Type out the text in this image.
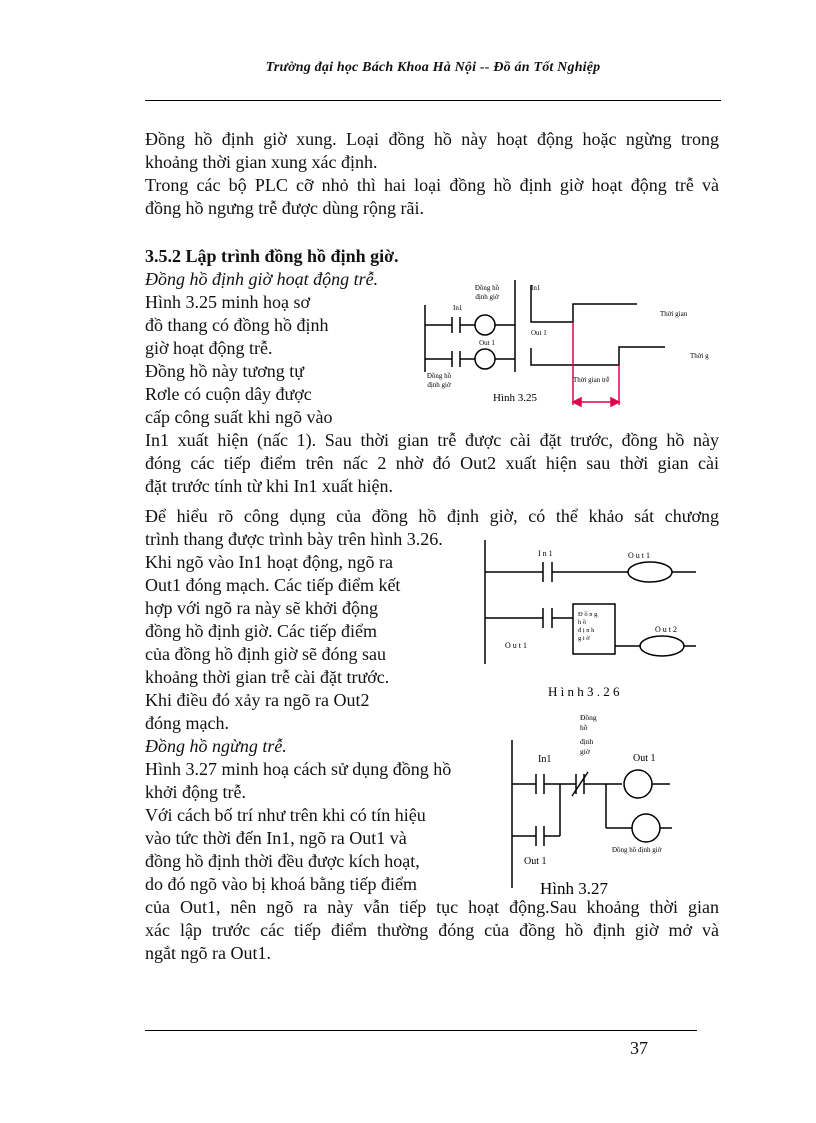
Trường đại học Bách Khoa Hà Nội -- Đồ án Tốt Nghiệp
Đồng hồ định giờ xung. Loại đồng hồ này hoạt động hoặc ngừng trong
khoảng thời gian xung xác định.
Trong các bộ PLC cỡ nhỏ thì hai loại đồng hồ định giờ hoạt động trễ và
đồng hồ ngưng trễ được dùng rộng rãi.
3.5.2 Lập trình đồng hồ định giờ.
Đồng hồ định giờ hoạt động trễ.
Hình 3.25 minh hoạ sơ
đồ thang có đồng hồ định
giờ hoạt động trễ.
Đồng hồ này tương tự
Rơle có cuộn dây được
cấp công suất khi ngõ vào
In1 xuất hiện (nấc 1). Sau thời gian trễ được cài đặt trước, đồng hồ này
đóng các tiếp điểm trên nấc 2 nhờ đó Out2 xuất hiện sau thời gian cài
đặt trước tính từ khi In1 xuất hiện.
Để hiểu rõ công dụng của đồng hồ định giờ, có thể khảo sát chương
trình thang được trình bày trên hình 3.26.
Khi ngõ vào In1 hoạt động, ngõ ra
Out1 đóng mạch. Các tiếp điểm kết
hợp với ngõ ra này sẽ khởi động
đồng hồ định giờ. Các tiếp điểm
của đồng hồ định giờ sẽ đóng sau
khoảng thời gian trễ cài đặt trước.
Khi điều đó xảy ra ngõ ra Out2
đóng mạch.
Đồng hồ ngừng trễ.
Hình 3.27 minh hoạ cách sử dụng đồng hồ
khởi động trễ.
Với cách bố trí như trên khi có tín hiệu
vào tức thời đến In1, ngõ ra Out1 và
đồng hồ định thời đều được kích hoạt,
do đó ngõ vào bị khoá bằng tiếp điểm
của Out1, nên ngõ ra này vẫn tiếp tục hoạt động.Sau khoảng thời gian
xác lập trước các tiếp điểm thường đóng của đồng hồ định giờ mở và
ngắt ngõ ra Out1.
Đồng hồ
định giờ
In1
Out 1
Đồng hồ
định giờ
In1
Out 1
Thời gian
Thời g
Thời gian trễ
Hình 3.25
I n 1	O u t 1
Đ ồ n g
h ồ
đ ị n h
g i ờ
O u t 2
O u t 1
H ì n h 3 . 2 6
Đồng
hồ
định
giờ
Đồng hồ định giờ
In1	Out 1
Out 1
Hình 3.27
37
